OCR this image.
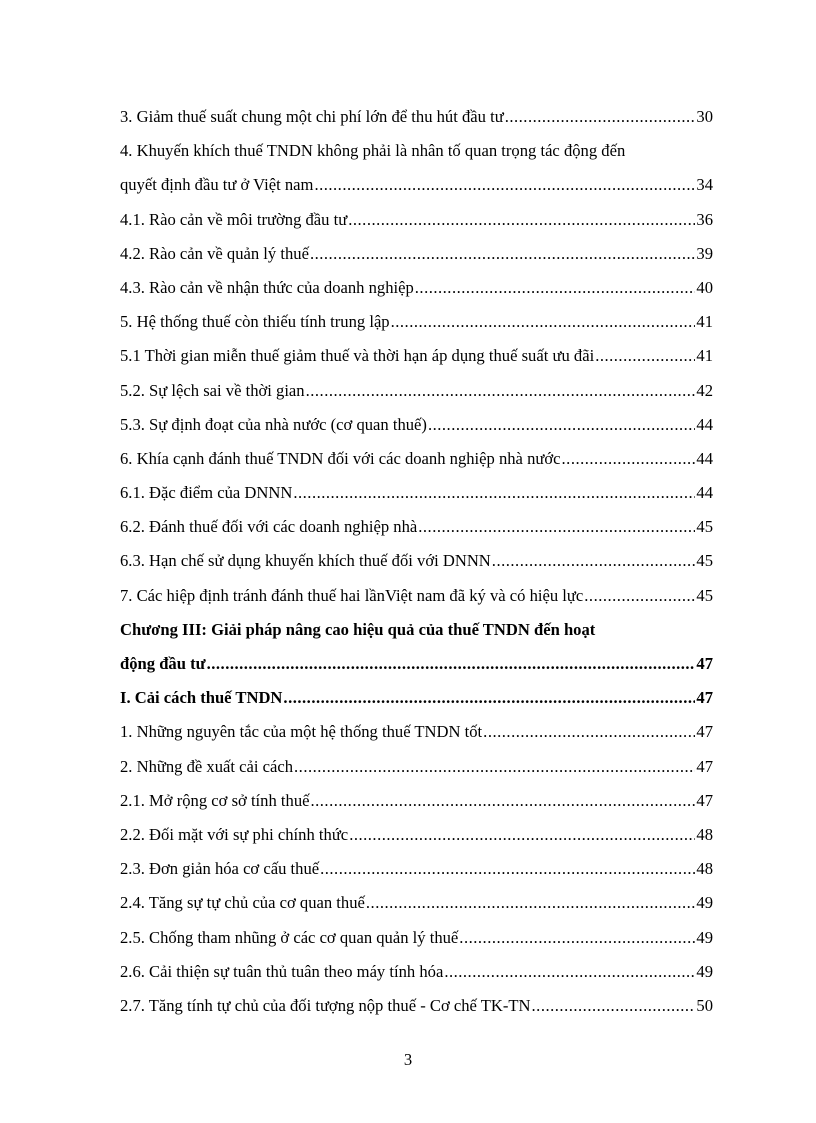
3. Giảm thuế suất chung một chi phí lớn để thu hút đầu tư .....	30
4. Khuyến khích thuế TNDN không phải là nhân tố quan trọng tác động đến
quyết định đầu tư ở Việt nam .....	34
4.1. Rào cản về môi trường đầu tư .....	36
4.2. Rào cản về quản lý thuế .....	39
4.3. Rào cản về nhận thức của doanh nghiệp .....	40
5. Hệ thống thuế còn thiếu tính trung lập .....	41
5.1 Thời gian miễn thuế giảm thuế và thời hạn áp dụng thuế suất ưu đãi .....	41
5.2. Sự lệch sai về thời gian .....	42
5.3. Sự định đoạt của nhà nước (cơ quan thuế) .....	44
6. Khía cạnh đánh thuế TNDN đối với các doanh nghiệp nhà nước .....	44
6.1. Đặc điểm của DNNN .....	44
6.2. Đánh thuế đối với các doanh nghiệp nhà .....	45
6.3. Hạn chế sử dụng khuyến khích thuế đối với DNNN .....	45
7. Các hiệp định tránh đánh thuế hai lầnViệt nam đã ký và có hiệu lực .....	45
Chương III: Giải pháp nâng cao hiệu quả của thuế TNDN đến hoạt
động đầu tư .....	47
I. Cải cách thuế TNDN .....	47
1. Những nguyên tắc của một hệ thống thuế TNDN tốt .....	47
2. Những đề xuất cải cách .....	47
2.1. Mở rộng cơ sở tính thuế .....	47
2.2. Đối mặt với sự phi chính thức .....	48
2.3. Đơn giản hóa cơ cấu thuế .....	48
2.4. Tăng sự tự chủ của cơ quan thuế .....	49
2.5. Chống tham nhũng ở các cơ quan quản lý thuế .....	49
2.6. Cải thiện sự tuân thủ tuân theo máy tính hóa .....	49
2.7. Tăng tính tự chủ của đối tượng nộp thuế - Cơ chế TK-TN .....	50
3
